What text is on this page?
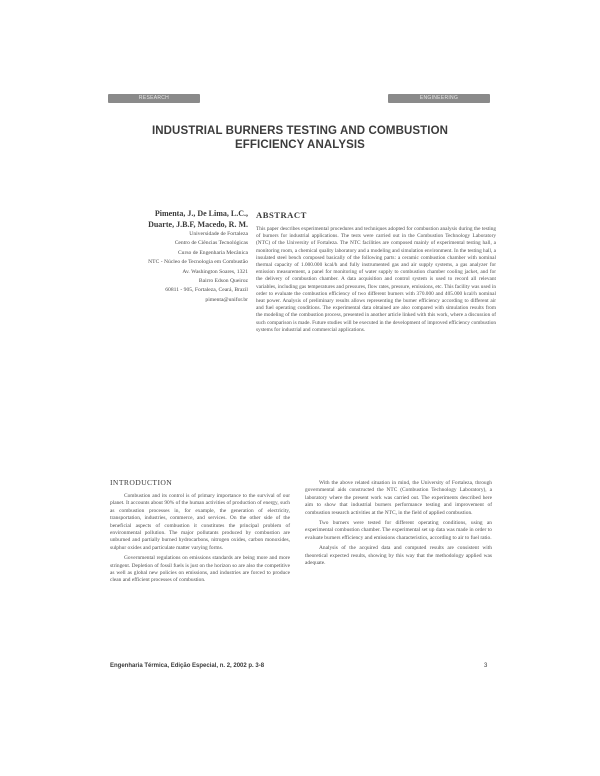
RESEARCH	ENGINEERING
INDUSTRIAL BURNERS TESTING AND COMBUSTION
EFFICIENCY ANALYSIS
Pimenta, J., De Lima, L.C.,
Duarte, J.B.F, Macedo, R. M.
Universidade de Fortaleza
Centro de Ciências Tecnológicas
Curso de Engenharia Mecânica
NTC - Núcleo de Tecnologia em Combustão
Av. Washington Soares, 1321
Bairro Edson Queiroz
60811 - 905, Fortaleza, Ceará, Brazil
pimenta@unifor.br
ABSTRACT
This paper describes experimental procedures and techniques adopted for combustion analysis during the testing of burners for industrial applications. The tests were carried out in the Combustion Technology Laboratory (NTC) of the University of Fortaleza. The NTC facilities are composed mainly of experimental testing hall, a monitoring room, a chemical quality laboratory and a modeling and simulation environment. In the testing hall, a insulated steel bench composed basically of the following parts: a ceramic combustion chamber with nominal thermal capacity of 1.000.000 kcal/h and fully instrumented gas and air supply systems, a gas analyzer for emission measurement, a panel for monitoring of water supply to combustion chamber cooling jacket, and for the delivery of combustion chamber. A data acquisition and control system is used to record all relevant variables, including gas temperatures and pressures, flow rates, pressure, emissions, etc. This facility was used in order to evaluate the combustion efficiency of two different burners with 370.000 and 405.000 kcal/h nominal heat power. Analysis of preliminary results allows representing the burner efficiency according to different air and fuel operating conditions. The experimental data obtained are also compared with simulation results from the modeling of the combustion process, presented in another article linked with this work, where a discussion of such comparison is made. Future studies will be executed in the development of improved efficiency combustion systems for industrial and commercial applications.
INTRODUCTION

Combustion and its control is of primary importance to the survival of our planet. It accounts about 90% of the human activities of production of energy, such as combustion processes in, for example, the generation of electricity, transportation, industries, commerce, and services. On the other side of the beneficial aspects of combustion it constitutes the principal problem of environmental pollution. The major pollutants produced by combustion are unburned and partially burned hydrocarbons, nitrogen oxides, carbon monoxides, sulphur oxides and particulate matter varying forms.

Governmental regulations on emissions standards are being more and more stringent. Depletion of fossil fuels is just on the horizon so are also the competitive as well as global new policies on emissions, and industries are forced to produce clean and efficient processes of combustion.

With the above related situation in mind, the University of Fortaleza, through governmental aids constructed the NTC (Combustion Technology Laboratory), a laboratory where the present work was carried out. The experiments described here aim to show that industrial burners performance testing and improvement of combustion research activities at the NTC, in the field of applied combustion.

Two burners were tested for different operating conditions, using an experimental combustion chamber. The experimental set up data was made in order to evaluate burners efficiency and emissions characteristics, according to air to fuel ratio.

Analysis of the acquired data and computed results are consistent with theoretical expected results, showing by this way that the methodology applied was adequate.

Engenharia Térmica, Edição Especial, n. 2, 2002 p. 3-8	3
